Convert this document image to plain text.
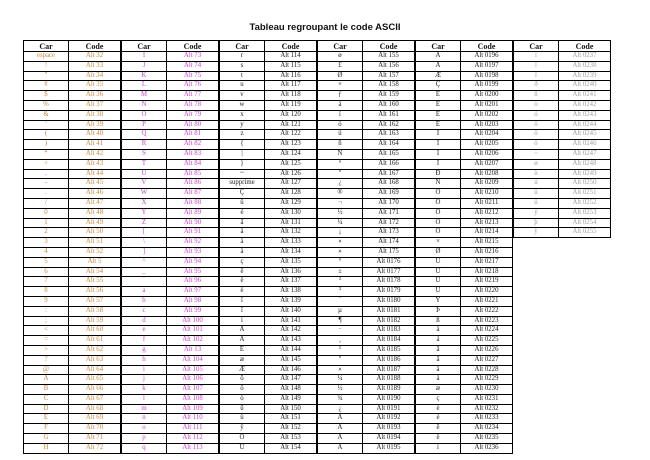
Tableau regroupant le code ASCII
Car	Code
espace	Alt 32
!	Alt 33
"	Alt 34
#	Alt 35
$	Alt 36
%	Alt 37
&	Alt 38
'	Alt 39
(	Alt 40
)	Alt 41
*	Alt 42
+	Alt 43
,	Alt 44
-	Alt 45
.	Alt 46
/	Alt 47
0	Alt 48
1	Alt 49
2	Alt 50
3	Alt 51
4	Alt 52
5	Alt 5
6	Alt 54
7	Alt 55
8	Alt 56
9	Alt 57
:	Alt 58
;	Alt 59
<	Alt 60
=	Alt 61
>	Alt 62
?	Alt 63
@	Alt 64
A	Alt 65
B	Alt 66
C	Alt 67
D	Alt 68
E	Alt 69
F	Alt 70
G	Alt 71
H	Alt 72
Car	Code
I	Alt 73
J	Alt 74
K	Alt 75
L	Alt 76
M	Alt 77
N	Alt 78
O	Alt 79
P	Alt 80
Q	Alt 81
R	Alt 82
S	Alt 83
T	Alt 84
U	Alt 85
V	Alt 86
W	Alt 87
X	Alt 88
Y	Alt 89
Z	Alt 90
[	Alt 91
\	Alt 92
]	Alt 93
^	Alt 94
_	Alt 95
`	Alt 96
a	Alt 97
b	Alt 98
c	Alt 99
d	Alt 100
e	Alt 101
f	Alt 102
g	Alt 13
h	Alt 104
i	Alt 105
j	Alt 106
k	Alt 107
l	Alt 108
m	Alt 109
n	Alt 110
o	Alt 111
p	Alt 112
q	Alt 113
Car	Code
r	Alt 114
s	Alt 115
t	Alt 116
u	Alt 117
v	Alt 118
w	Alt 119
x	Alt 120
y	Alt 121
z	Alt 122
{	Alt 123
|	Alt 124
}	Alt 125
~	Alt 126
supprime	Alt 127
Ç	Alt 128
ü	Alt 129
é	Alt 130
â	Alt 131
ä	Alt 132
à	Alt 133
å	Alt 134
ç	Alt 135
ê	Alt 136
ë	Alt 137
è	Alt 138
ï	Alt 139
î	Alt 140
ì	Alt 141
Ä	Alt 142
Å	Alt 143
É	Alt 144
æ	Alt 145
Æ	Alt 146
ô	Alt 147
ö	Alt 148
ò	Alt 149
û	Alt 150
ù	Alt 151
ÿ	Alt 152
Ö	Alt 153
Ü	Alt 154
Car	Code
ø	Alt 155
£	Alt 156
Ø	Alt 157
×	Alt 158
ƒ	Alt 159
á	Alt 160
í	Alt 161
ó	Alt 162
ú	Alt 163
ñ	Alt 164
Ñ	Alt 165
ª	Alt 166
º	Alt 167
¿	Alt 168
®	Alt 169
¬	Alt 170
½	Alt 171
¼	Alt 172
¡	Alt 173
«	Alt 174
»	Alt 175
°	Alt 0176
±	Alt 0177
²	Alt 0178
³	Alt 0179
´	Alt 0180
µ	Alt 0181
¶	Alt 0182
·	Alt 0183
¸	Alt 0184
¹	Alt 0185
º	Alt 0186
»	Alt 0187
¼	Alt 0188
½	Alt 0189
¾	Alt 0190
¿	Alt 0191
À	Alt 0192
Á	Alt 0193
Â	Alt 0194
Ã	Alt 0195
Car	Code
Ä	Alt 0196
Å	Alt 0197
Æ	Alt 0198
Ç	Alt 0199
È	Alt 0200
É	Alt 0201
Ê	Alt 0202
Ë	Alt 0203
Ì	Alt 0204
Í	Alt 0205
Î	Alt 0206
Ï	Alt 0207
Ð	Alt 0208
Ñ	Alt 0209
Ò	Alt 0210
Ó	Alt 0211
Ô	Alt 0212
Õ	Alt 0213
Ö	Alt 0214
×	Alt 0215
Ø	Alt 0216
Ù	Alt 0217
Ú	Alt 0218
Û	Alt 0219
Ü	Alt 0220
Ý	Alt 0221
Þ	Alt 0222
ß	Alt 0223
à	Alt 0224
á	Alt 0225
â	Alt 0226
ã	Alt 0227
ä	Alt 0228
å	Alt 0229
æ	Alt 0230
ç	Alt 0231
è	Alt 0232
é	Alt 0233
ê	Alt 0234
ë	Alt 0235
ì	Alt 0236
Car	Code
í	Alt 0237
î	Alt 0238
ï	Alt 0239
ð	Alt 0240
ñ	Alt 0241
ò	Alt 0242
ó	Alt 0243
ô	Alt 0244
õ	Alt 0245
ö	Alt 0246
÷	Alt 0247
ø	Alt 0248
ù	Alt 0249
ú	Alt 0250
û	Alt 0251
ü	Alt 0252
ý	Alt 0253
þ	Alt 0254
ÿ	Alt 0255
